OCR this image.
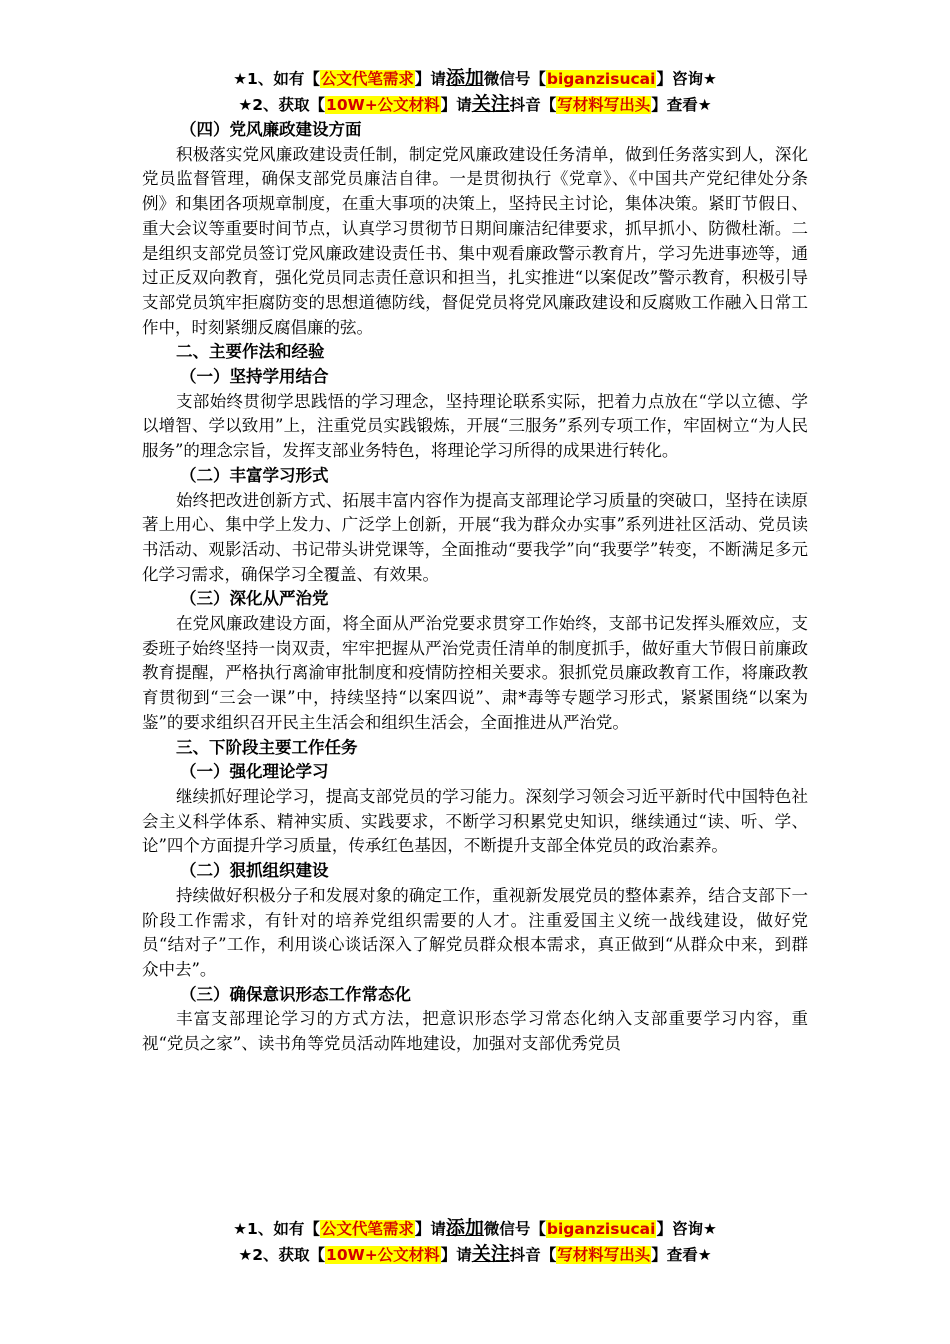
★1、如有【公文代笔需求】请添加微信号【biganzisucai】咨询★
★2、获取【10W+公文材料】请关注抖音【写材料写出头】查看★

（四）党风廉政建设方面

积极落实党风廉政建设责任制，制定党风廉政建设任务清单，做到任务落实到人，深化党员监督管理，确保支部党员廉洁自律。一是贯彻执行《党章》、《中国共产党纪律处分条例》和集团各项规章制度，在重大事项的决策上，坚持民主讨论，集体决策。紧盯节假日、重大会议等重要时间节点，认真学习贯彻节日期间廉洁纪律要求，抓早抓小、防微杜渐。二是组织支部党员签订党风廉政建设责任书、集中观看廉政警示教育片，学习先进事迹等，通过正反双向教育，强化党员同志责任意识和担当，扎实推进“以案促改”警示教育，积极引导支部党员筑牢拒腐防变的思想道德防线，督促党员将党风廉政建设和反腐败工作融入日常工作中，时刻紧绷反腐倡廉的弦。

二、主要作法和经验

（一）坚持学用结合

支部始终贯彻学思践悟的学习理念，坚持理论联系实际，把着力点放在“学以立德、学以增智、学以致用”上，注重党员实践锻炼，开展“三服务”系列专项工作，牢固树立“为人民服务”的理念宗旨，发挥支部业务特色，将理论学习所得的成果进行转化。

（二）丰富学习形式

始终把改进创新方式、拓展丰富内容作为提高支部理论学习质量的突破口，坚持在读原著上用心、集中学上发力、广泛学上创新，开展“我为群众办实事”系列进社区活动、党员读书活动、观影活动、书记带头讲党课等，全面推动“要我学”向“我要学”转变，不断满足多元化学习需求，确保学习全覆盖、有效果。

（三）深化从严治党

在党风廉政建设方面，将全面从严治党要求贯穿工作始终，支部书记发挥头雁效应，支委班子始终坚持一岗双责，牢牢把握从严治党责任清单的制度抓手，做好重大节假日前廉政教育提醒，严格执行离渝审批制度和疫情防控相关要求。狠抓党员廉政教育工作，将廉政教育贯彻到“三会一课”中，持续坚持“以案四说”、肃*毒等专题学习形式，紧紧围绕“以案为鉴”的要求组织召开民主生活会和组织生活会，全面推进从严治党。

三、下阶段主要工作任务

（一）强化理论学习

继续抓好理论学习，提高支部党员的学习能力。深刻学习领会习近平新时代中国特色社会主义科学体系、精神实质、实践要求，不断学习积累党史知识，继续通过“读、听、学、论”四个方面提升学习质量，传承红色基因，不断提升支部全体党员的政治素养。

（二）狠抓组织建设

持续做好积极分子和发展对象的确定工作，重视新发展党员的整体素养，结合支部下一阶段工作需求，有针对的培养党组织需要的人才。注重爱国主义统一战线建设，做好党员“结对子”工作，利用谈心谈话深入了解党员群众根本需求，真正做到“从群众中来，到群众中去”。

（三）确保意识形态工作常态化

丰富支部理论学习的方式方法，把意识形态学习常态化纳入支部重要学习内容，重视“党员之家”、读书角等党员活动阵地建设，加强对支部优秀党员

★1、如有【公文代笔需求】请添加微信号【biganzisucai】咨询★
★2、获取【10W+公文材料】请关注抖音【写材料写出头】查看★
